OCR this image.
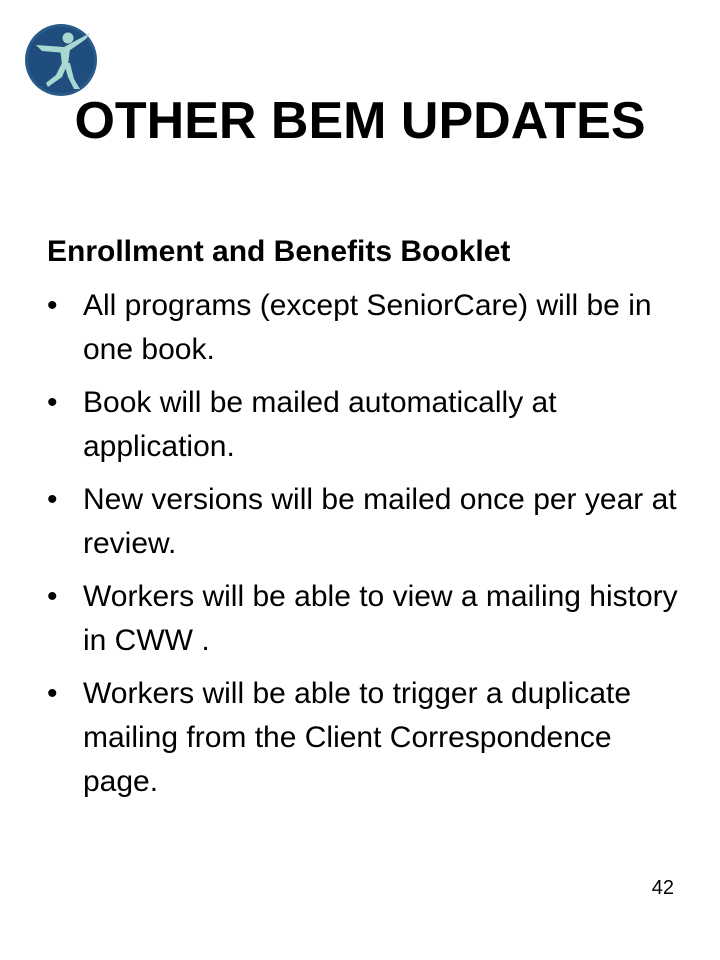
OTHER BEM UPDATES
Enrollment and Benefits Booklet
• All programs (except SeniorCare) will be in one book.
• Book will be mailed automatically at application.
• New versions will be mailed once per year at review.
• Workers will be able to view a mailing history in CWW .
• Workers will be able to trigger a duplicate mailing from the Client Correspondence page.
42
